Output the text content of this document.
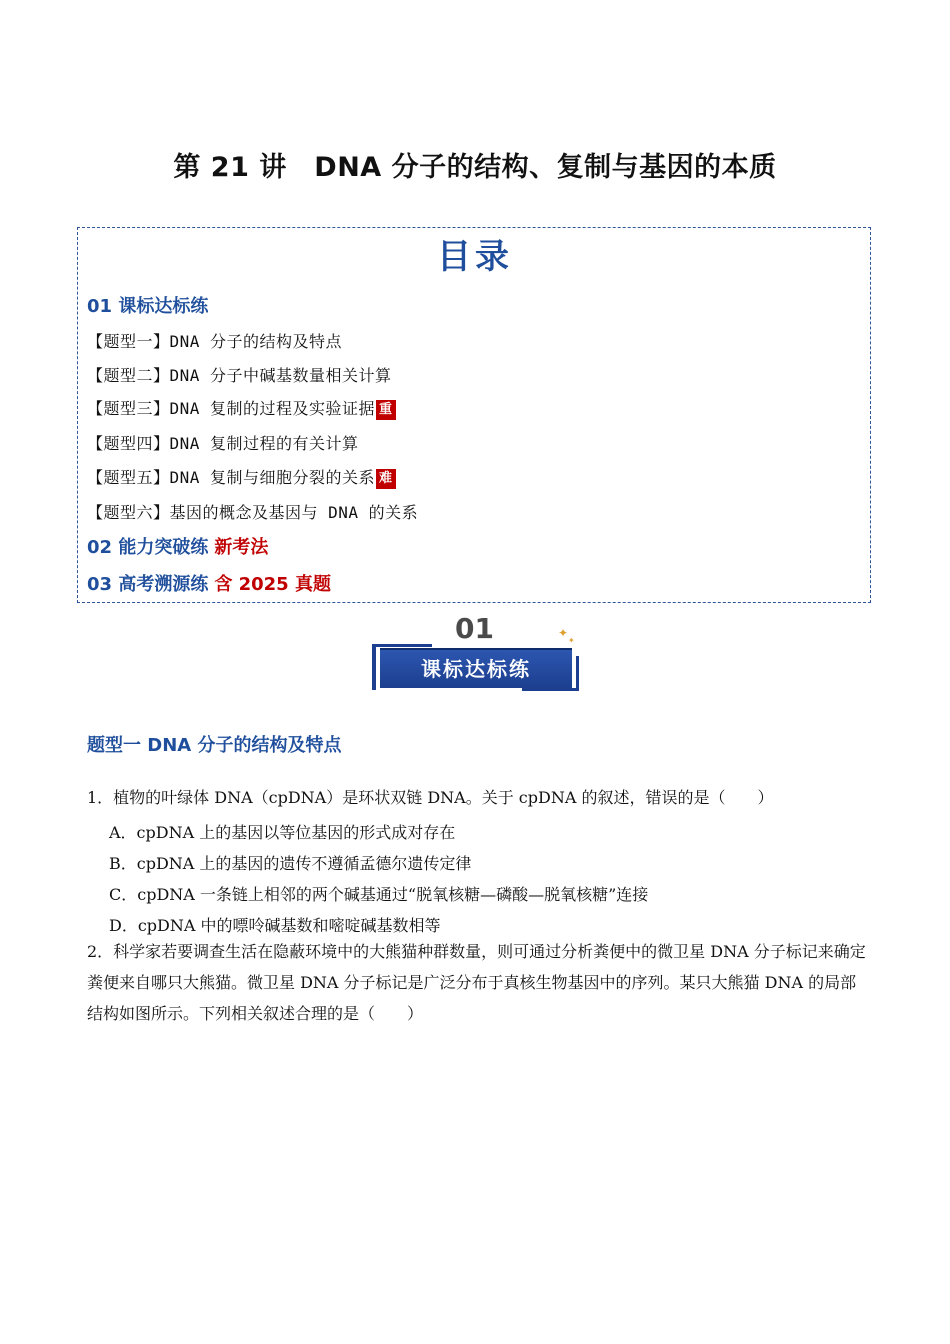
第 21 讲　DNA 分子的结构、复制与基因的本质
目录
01 课标达标练
【题型一】DNA 分子的结构及特点
【题型二】DNA 分子中碱基数量相关计算
【题型三】DNA 复制的过程及实验证据 重
【题型四】DNA 复制过程的有关计算
【题型五】DNA 复制与细胞分裂的关系 难
【题型六】基因的概念及基因与 DNA 的关系
02 能力突破练 新考法
03 高考溯源练 含 2025 真题
01	✦
✦
课标达标练
题型一 DNA 分子的结构及特点
1．植物的叶绿体 DNA（cpDNA）是环状双链 DNA。关于 cpDNA 的叙述，错误的是（　　）
A．cpDNA 上的基因以等位基因的形式成对存在
B．cpDNA 上的基因的遗传不遵循孟德尔遗传定律
C．cpDNA 一条链上相邻的两个碱基通过“脱氧核糖—磷酸—脱氧核糖”连接
D．cpDNA 中的嘌呤碱基数和嘧啶碱基数相等
2．科学家若要调查生活在隐蔽环境中的大熊猫种群数量，则可通过分析粪便中的微卫星 DNA 分子标记来确定粪便来自哪只大熊猫。微卫星 DNA 分子标记是广泛分布于真核生物基因中的序列。某只大熊猫 DNA 的局部结构如图所示。下列相关叙述合理的是（　　）
